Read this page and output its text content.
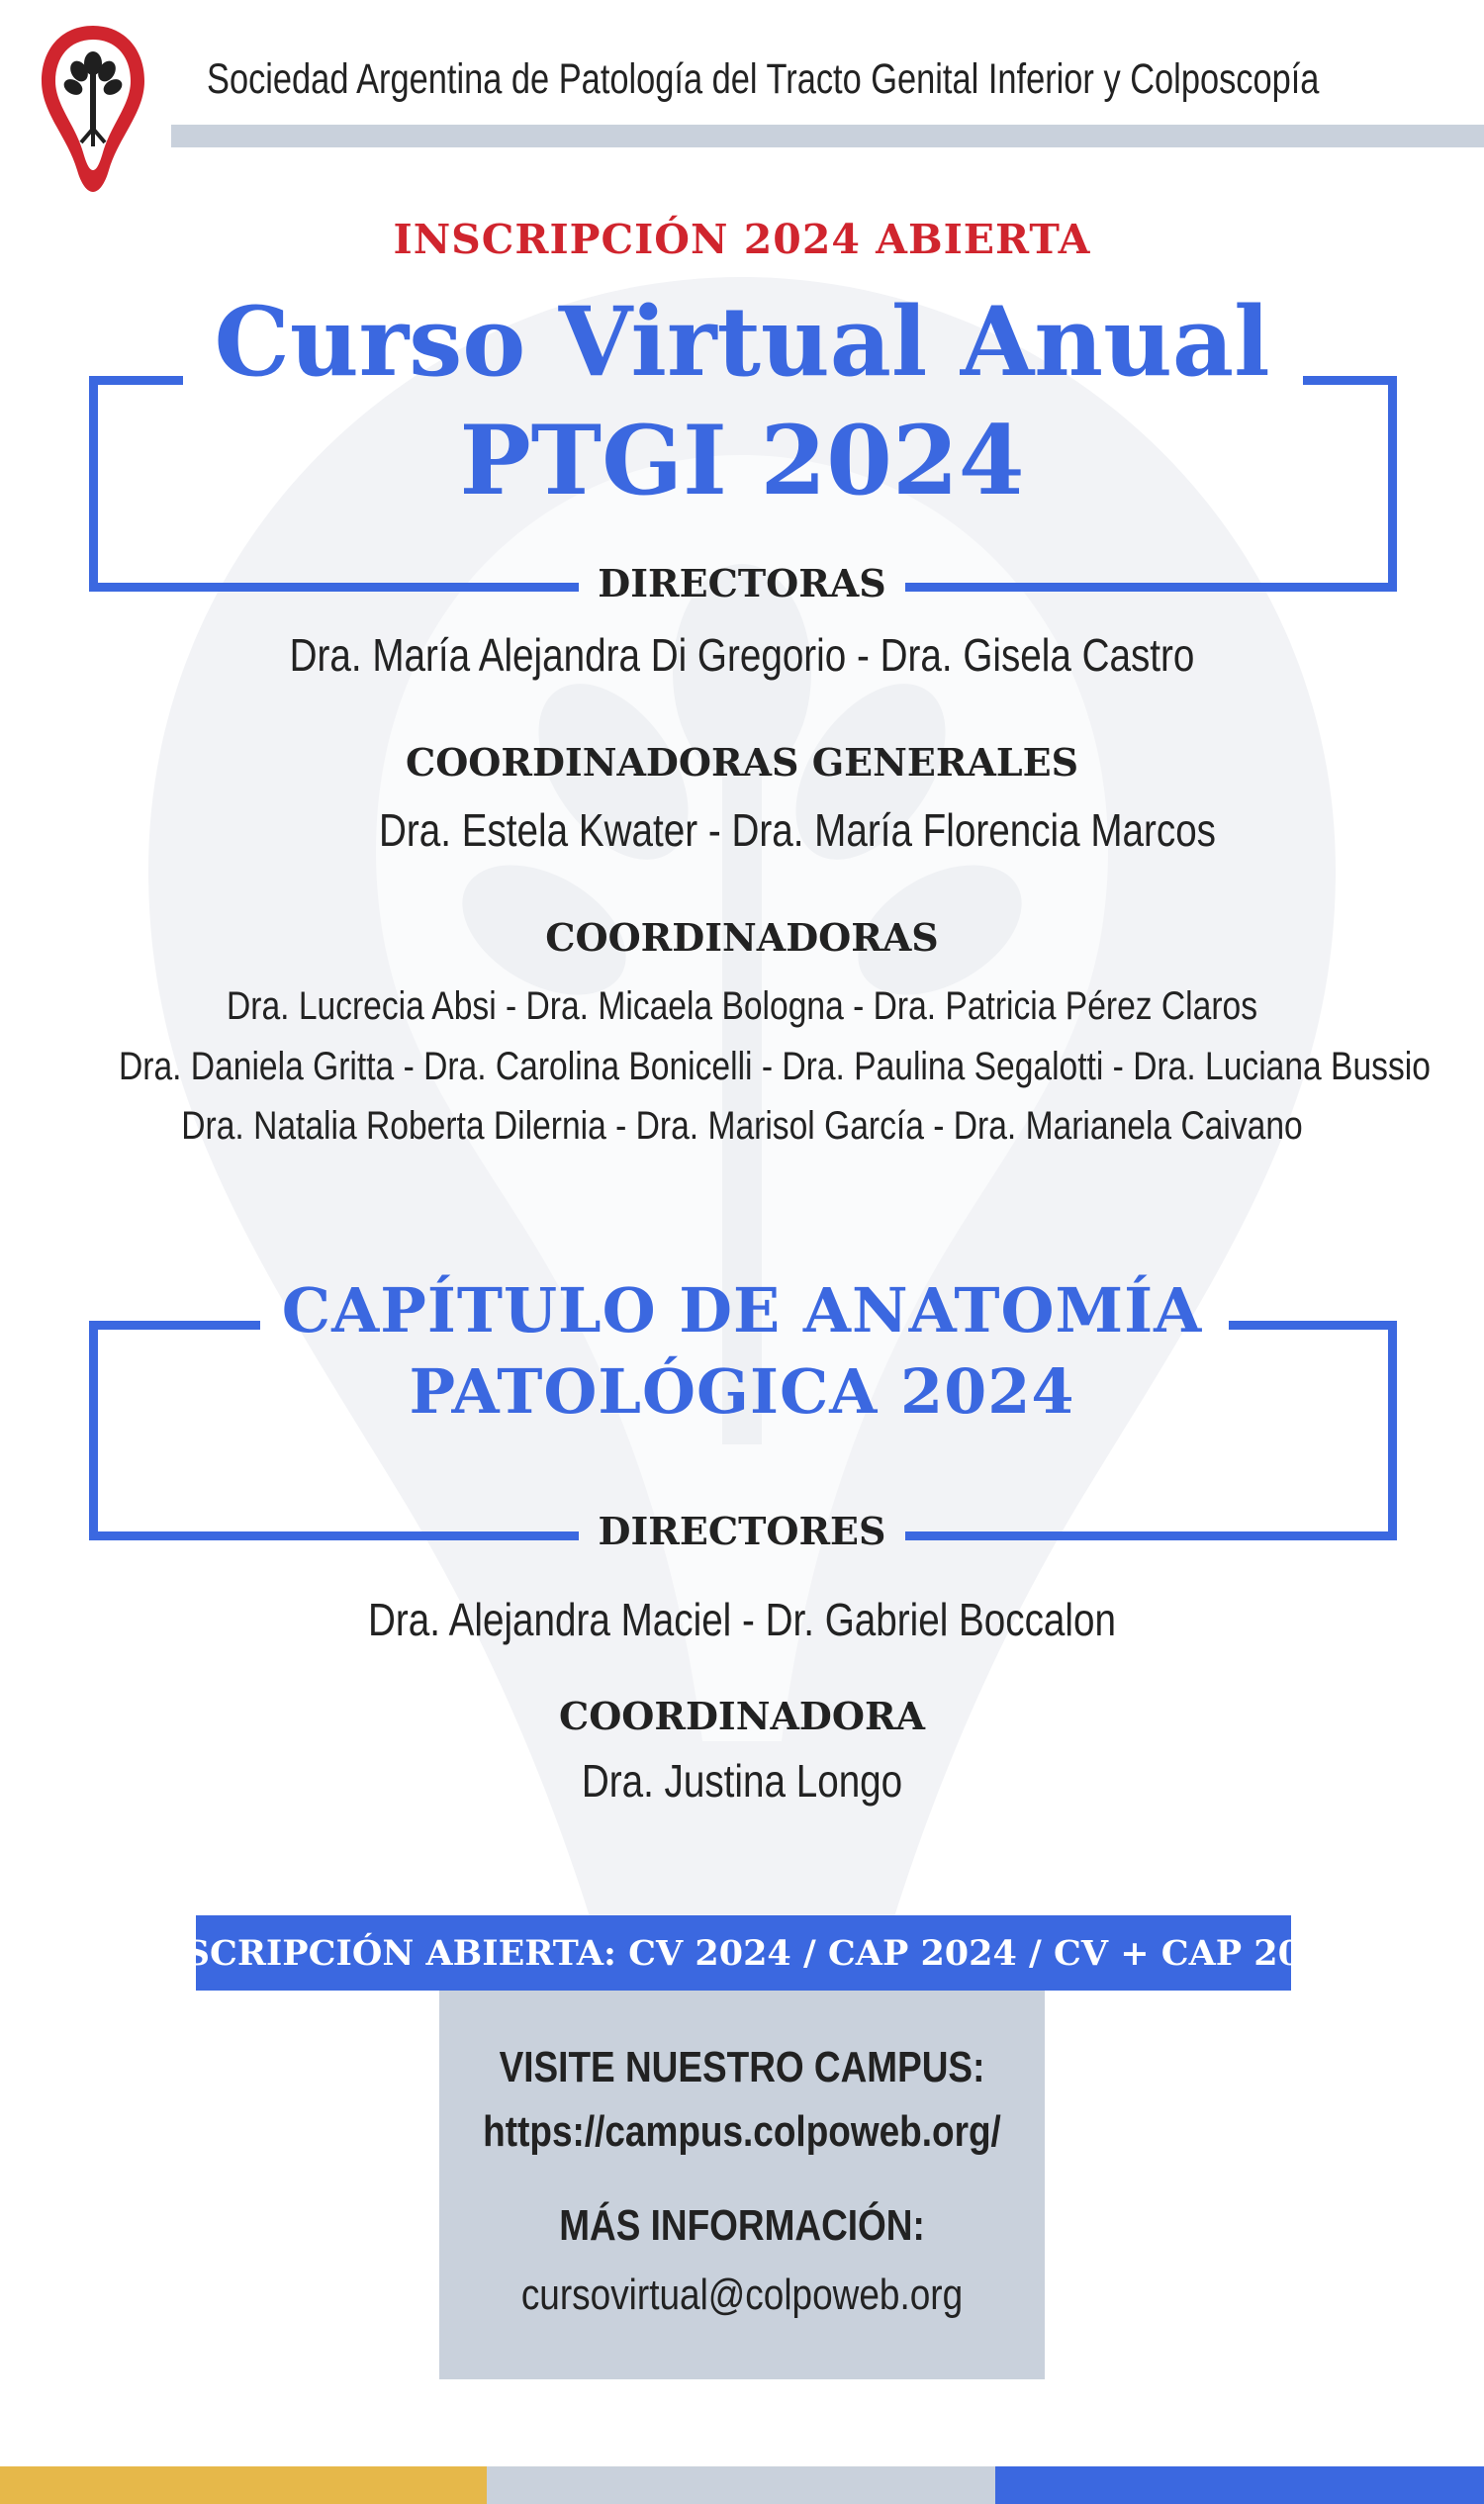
Sociedad Argentina de Patología del Tracto Genital Inferior y Colposcopía
INSCRIPCIÓN 2024 ABIERTA
Curso Virtual Anual
PTGI 2024
DIRECTORAS
Dra. María Alejandra Di Gregorio - Dra. Gisela Castro
COORDINADORAS GENERALES
Dra. Estela Kwater - Dra. María Florencia Marcos
COORDINADORAS
Dra. Lucrecia Absi - Dra. Micaela Bologna - Dra. Patricia Pérez Claros
Dra. Daniela Gritta - Dra. Carolina Bonicelli - Dra. Paulina Segalotti - Dra. Luciana Bussio
Dra. Natalia Roberta Dilernia - Dra. Marisol García - Dra. Marianela Caivano
CAPÍTULO DE ANATOMÍA
PATOLÓGICA 2024
DIRECTORES
Dra. Alejandra Maciel - Dr. Gabriel Boccalon
COORDINADORA
Dra. Justina Longo
INSCRIPCIÓN ABIERTA: CV 2024 / CAP 2024 / CV + CAP 2024
VISITE NUESTRO CAMPUS:
https://campus.colpoweb.org/
MÁS INFORMACIÓN:
cursovirtual@colpoweb.org
